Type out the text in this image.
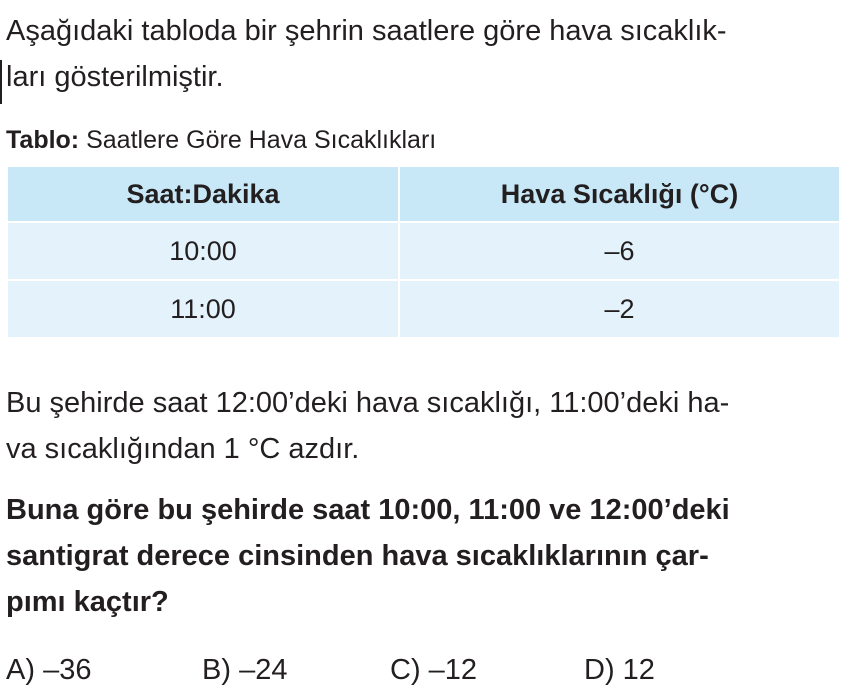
Aşağıdaki tabloda bir şehrin saatlere göre hava sıcaklık-
ları gösterilmiştir.

Tablo: Saatlere Göre Hava Sıcaklıkları

Saat:Dakika	Hava Sıcaklığı (°C)
10:00	–6
11:00	–2

Bu şehirde saat 12:00’deki hava sıcaklığı, 11:00’deki ha-
va sıcaklığından 1 °C azdır.

Buna göre bu şehirde saat 10:00, 11:00 ve 12:00’deki
santigrat derece cinsinden hava sıcaklıklarının çar-
pımı kaçtır?

A) –36	B) –24	C) –12	D) 12
